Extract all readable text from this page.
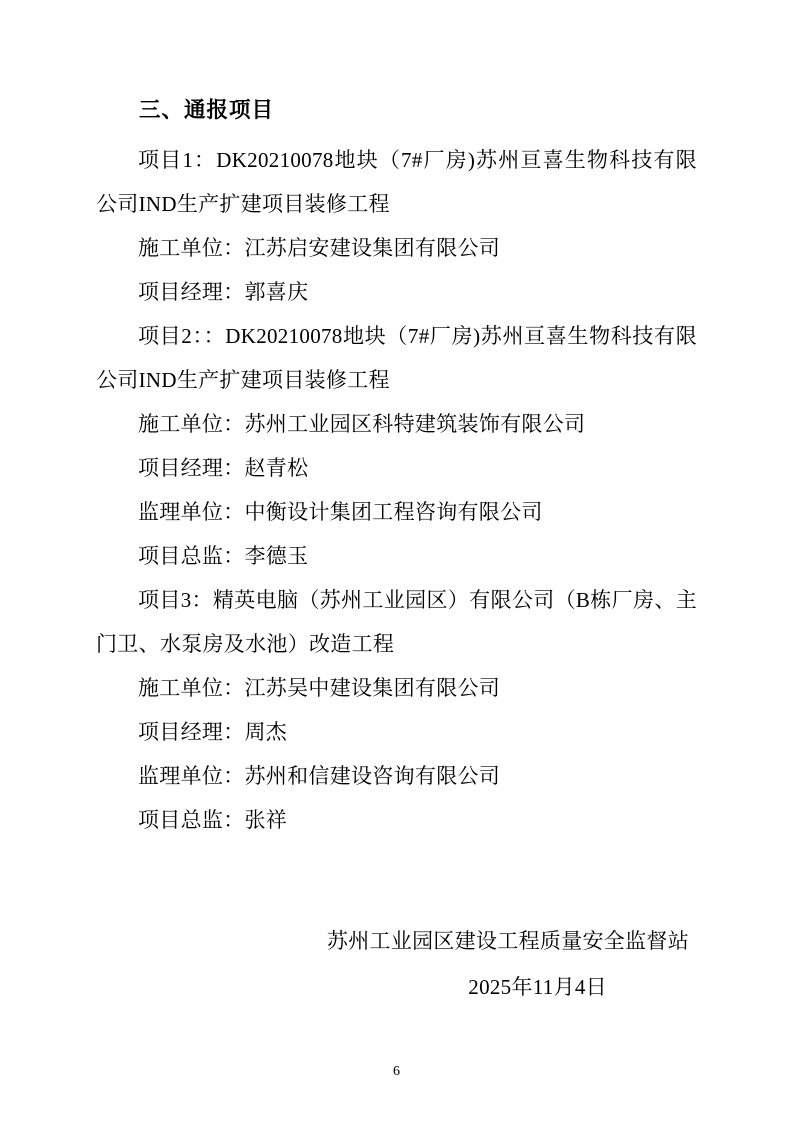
三、通报项目

项目1：DK20210078地块（7#厂房)苏州亘喜生物科技有限公司IND生产扩建项目装修工程

施工单位：江苏启安建设集团有限公司

项目经理：郭喜庆

项目2：：DK20210078地块（7#厂房)苏州亘喜生物科技有限公司IND生产扩建项目装修工程

施工单位：苏州工业园区科特建筑装饰有限公司

项目经理：赵青松

监理单位：中衡设计集团工程咨询有限公司

项目总监：李德玉

项目3：精英电脑（苏州工业园区）有限公司（B栋厂房、主门卫、水泵房及水池）改造工程

施工单位：江苏吴中建设集团有限公司

项目经理：周杰

监理单位：苏州和信建设咨询有限公司

项目总监：张祥

苏州工业园区建设工程质量安全监督站
2025年11月4日
6
